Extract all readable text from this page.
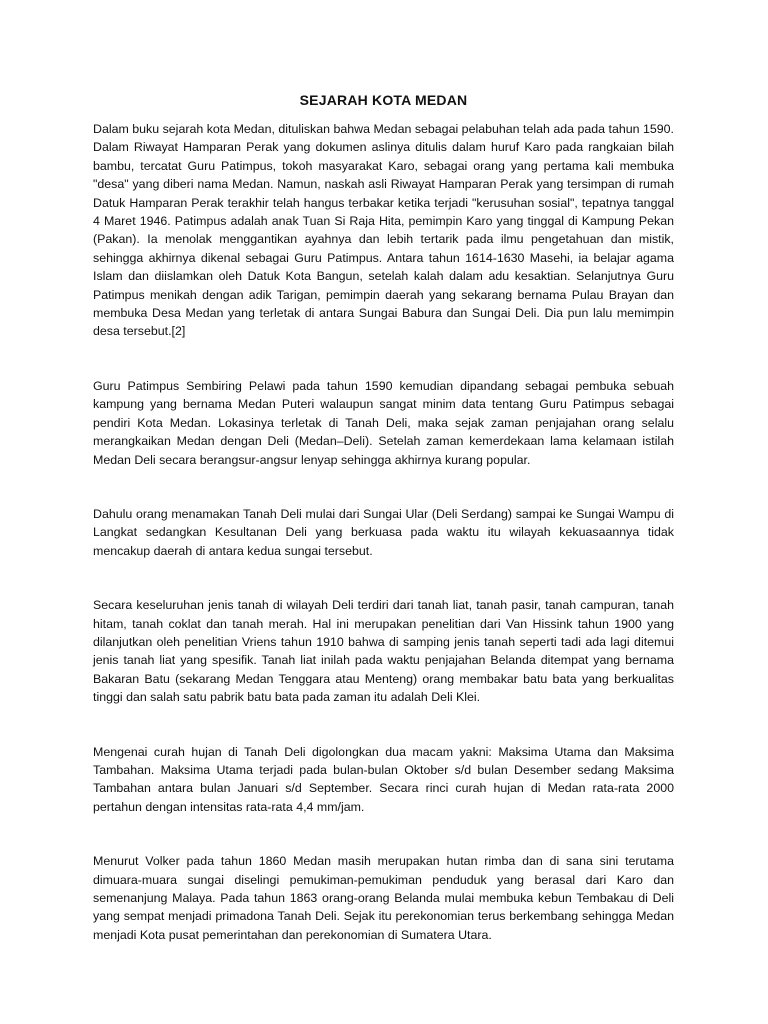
SEJARAH KOTA MEDAN

Dalam buku sejarah kota Medan, dituliskan bahwa Medan sebagai pelabuhan telah ada pada tahun 1590. Dalam Riwayat Hamparan Perak yang dokumen aslinya ditulis dalam huruf Karo pada rangkaian bilah bambu, tercatat Guru Patimpus, tokoh masyarakat Karo, sebagai orang yang pertama kali membuka "desa" yang diberi nama Medan. Namun, naskah asli Riwayat Hamparan Perak yang tersimpan di rumah Datuk Hamparan Perak terakhir telah hangus terbakar ketika terjadi "kerusuhan sosial", tepatnya tanggal 4 Maret 1946. Patimpus adalah anak Tuan Si Raja Hita, pemimpin Karo yang tinggal di Kampung Pekan (Pakan). Ia menolak menggantikan ayahnya dan lebih tertarik pada ilmu pengetahuan dan mistik, sehingga akhirnya dikenal sebagai Guru Patimpus. Antara tahun 1614-1630 Masehi, ia belajar agama Islam dan diislamkan oleh Datuk Kota Bangun, setelah kalah dalam adu kesaktian. Selanjutnya Guru Patimpus menikah dengan adik Tarigan, pemimpin daerah yang sekarang bernama Pulau Brayan dan membuka Desa Medan yang terletak di antara Sungai Babura dan Sungai Deli. Dia pun lalu memimpin desa tersebut.[2]

Guru Patimpus Sembiring Pelawi pada tahun 1590 kemudian dipandang sebagai pembuka sebuah kampung yang bernama Medan Puteri walaupun sangat minim data tentang Guru Patimpus sebagai pendiri Kota Medan. Lokasinya terletak di Tanah Deli, maka sejak zaman penjajahan orang selalu merangkaikan Medan dengan Deli (Medan–Deli). Setelah zaman kemerdekaan lama kelamaan istilah Medan Deli secara berangsur-angsur lenyap sehingga akhirnya kurang popular.

Dahulu orang menamakan Tanah Deli mulai dari Sungai Ular (Deli Serdang) sampai ke Sungai Wampu di Langkat sedangkan Kesultanan Deli yang berkuasa pada waktu itu wilayah kekuasaannya tidak mencakup daerah di antara kedua sungai tersebut.

Secara keseluruhan jenis tanah di wilayah Deli terdiri dari tanah liat, tanah pasir, tanah campuran, tanah hitam, tanah coklat dan tanah merah. Hal ini merupakan penelitian dari Van Hissink tahun 1900 yang dilanjutkan oleh penelitian Vriens tahun 1910 bahwa di samping jenis tanah seperti tadi ada lagi ditemui jenis tanah liat yang spesifik. Tanah liat inilah pada waktu penjajahan Belanda ditempat yang bernama Bakaran Batu (sekarang Medan Tenggara atau Menteng) orang membakar batu bata yang berkualitas tinggi dan salah satu pabrik batu bata pada zaman itu adalah Deli Klei.

Mengenai curah hujan di Tanah Deli digolongkan dua macam yakni: Maksima Utama dan Maksima Tambahan. Maksima Utama terjadi pada bulan-bulan Oktober s/d bulan Desember sedang Maksima Tambahan antara bulan Januari s/d September. Secara rinci curah hujan di Medan rata-rata 2000 pertahun dengan intensitas rata-rata 4,4 mm/jam.

Menurut Volker pada tahun 1860 Medan masih merupakan hutan rimba dan di sana sini terutama dimuara-muara sungai diselingi pemukiman-pemukiman penduduk yang berasal dari Karo dan semenanjung Malaya. Pada tahun 1863 orang-orang Belanda mulai membuka kebun Tembakau di Deli yang sempat menjadi primadona Tanah Deli. Sejak itu perekonomian terus berkembang sehingga Medan menjadi Kota pusat pemerintahan dan perekonomian di Sumatera Utara.
